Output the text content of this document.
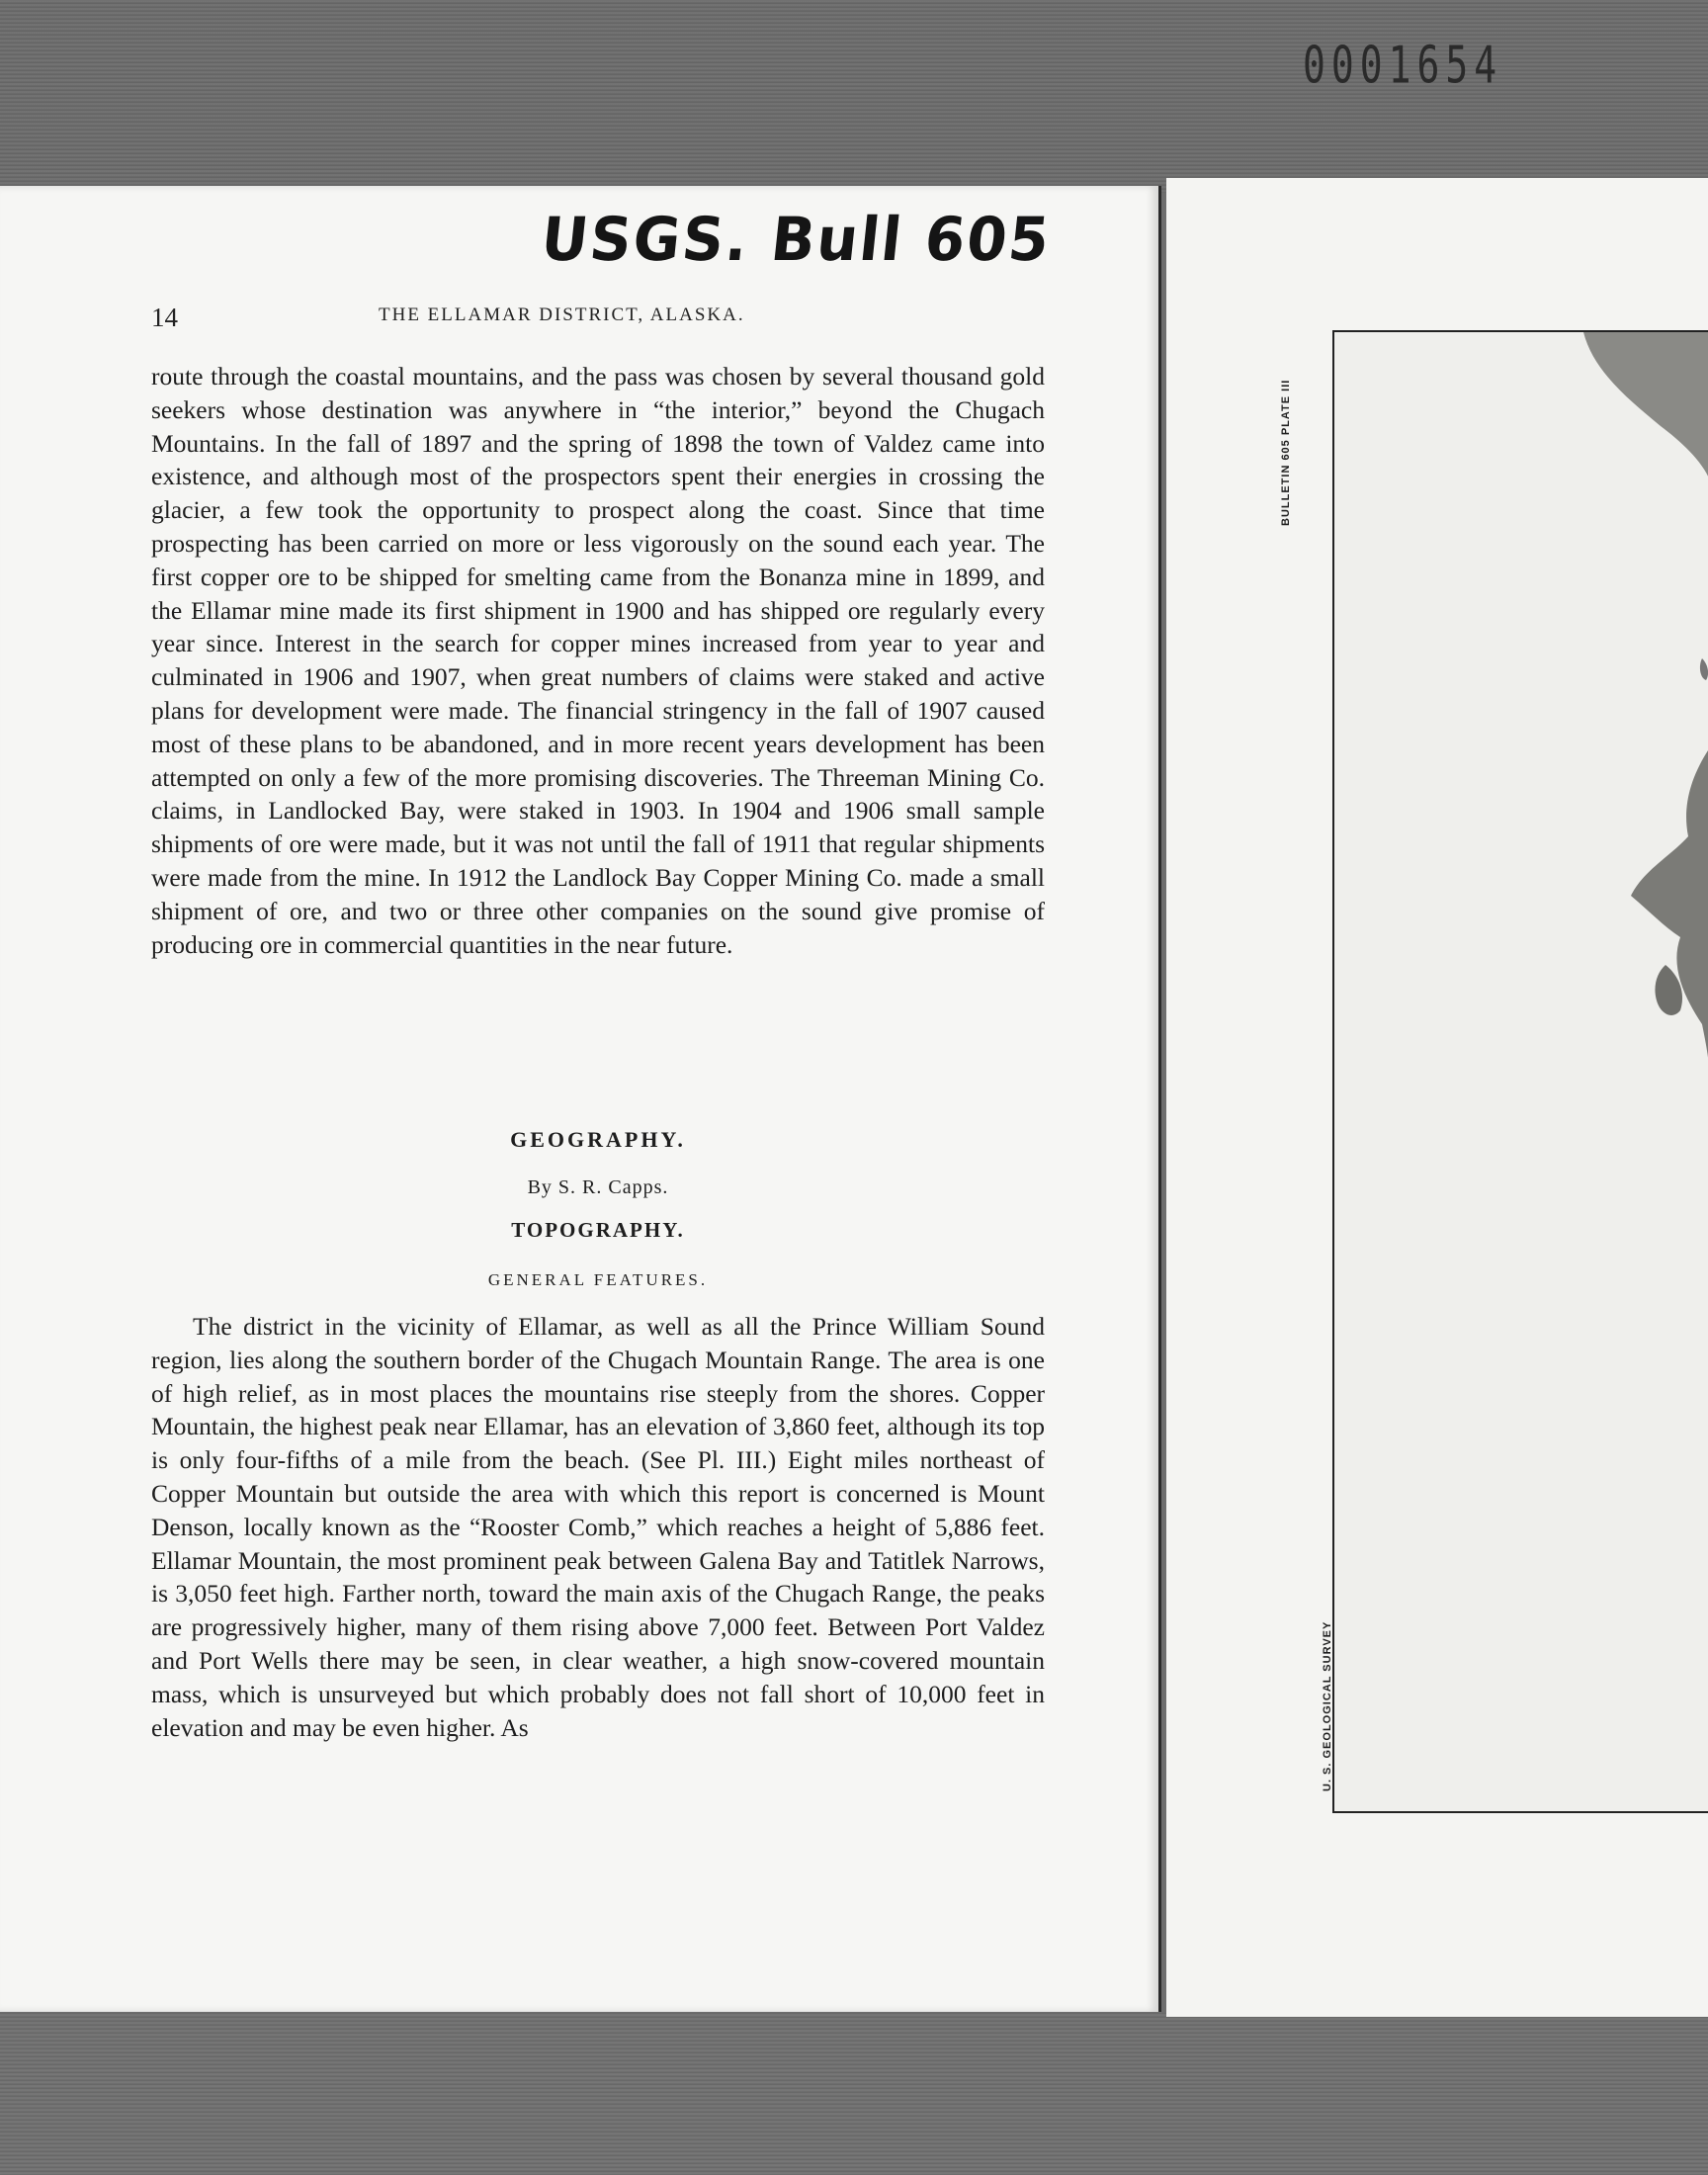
0001654
BULLETIN 605 PLATE III
U. S. GEOLOGICAL SURVEY
USGS. Bull 605
14	THE ELLAMAR DISTRICT, ALASKA.

route through the coastal mountains, and the pass was chosen by several thousand gold seekers whose destination was anywhere in “the interior,” beyond the Chugach Mountains. In the fall of 1897 and the spring of 1898 the town of Valdez came into existence, and although most of the prospectors spent their energies in crossing the glacier, a few took the opportunity to prospect along the coast. Since that time prospecting has been carried on more or less vigorously on the sound each year. The first copper ore to be shipped for smelting came from the Bonanza mine in 1899, and the Ellamar mine made its first shipment in 1900 and has shipped ore regularly every year since. Interest in the search for copper mines increased from year to year and culminated in 1906 and 1907, when great numbers of claims were staked and active plans for development were made. The financial stringency in the fall of 1907 caused most of these plans to be abandoned, and in more recent years development has been attempted on only a few of the more promising discoveries. The Threeman Mining Co. claims, in Landlocked Bay, were staked in 1903. In 1904 and 1906 small sample shipments of ore were made, but it was not until the fall of 1911 that regular shipments were made from the mine. In 1912 the Landlock Bay Copper Mining Co. made a small shipment of ore, and two or three other companies on the sound give promise of producing ore in commercial quantities in the near future.

GEOGRAPHY.

By S. R. Capps.

TOPOGRAPHY.

GENERAL FEATURES.

The district in the vicinity of Ellamar, as well as all the Prince William Sound region, lies along the southern border of the Chugach Mountain Range. The area is one of high relief, as in most places the mountains rise steeply from the shores. Copper Mountain, the highest peak near Ellamar, has an elevation of 3,860 feet, although its top is only four-fifths of a mile from the beach. (See Pl. III.) Eight miles northeast of Copper Mountain but outside the area with which this report is concerned is Mount Denson, locally known as the “Rooster Comb,” which reaches a height of 5,886 feet. Ellamar Mountain, the most prominent peak between Galena Bay and Tatitlek Narrows, is 3,050 feet high. Farther north, toward the main axis of the Chugach Range, the peaks are progressively higher, many of them rising above 7,000 feet. Between Port Valdez and Port Wells there may be seen, in clear weather, a high snow-covered mountain mass, which is unsurveyed but which probably does not fall short of 10,000 feet in elevation and may be even higher. As
